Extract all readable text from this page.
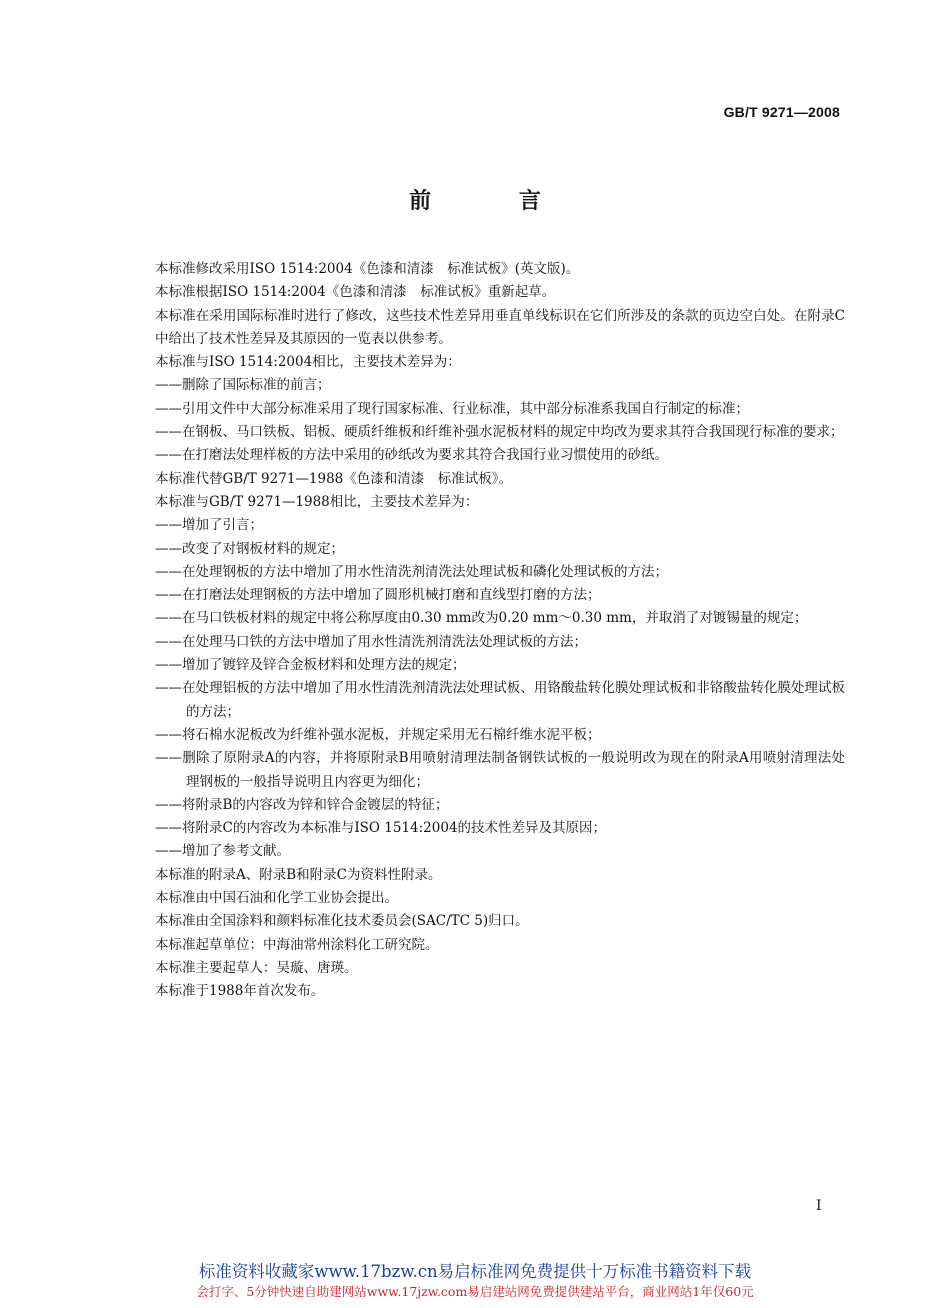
GB/T 9271—2008
前 言

本标准修改采用ISO 1514:2004《色漆和清漆　标准试板》(英文版)。

本标准根据ISO 1514:2004《色漆和清漆　标准试板》重新起草。

本标准在采用国际标准时进行了修改，这些技术性差异用垂直单线标识在它们所涉及的条款的页边空白处。在附录C中给出了技术性差异及其原因的一览表以供参考。

本标准与ISO 1514:2004相比，主要技术差异为：

——删除了国际标准的前言；

——引用文件中大部分标准采用了现行国家标准、行业标准，其中部分标准系我国自行制定的标准；

——在钢板、马口铁板、铝板、硬质纤维板和纤维补强水泥板材料的规定中均改为要求其符合我国现行标准的要求；

——在打磨法处理样板的方法中采用的砂纸改为要求其符合我国行业习惯使用的砂纸。

本标准代替GB/T 9271—1988《色漆和清漆　标准试板》。

本标准与GB/T 9271—1988相比，主要技术差异为：

——增加了引言；

——改变了对钢板材料的规定；

——在处理钢板的方法中增加了用水性清洗剂清洗法处理试板和磷化处理试板的方法；

——在打磨法处理钢板的方法中增加了圆形机械打磨和直线型打磨的方法；

——在马口铁板材料的规定中将公称厚度由0.30 mm改为0.20 mm～0.30 mm，并取消了对镀锡量的规定；

——在处理马口铁的方法中增加了用水性清洗剂清洗法处理试板的方法；

——增加了镀锌及锌合金板材料和处理方法的规定；

——在处理铝板的方法中增加了用水性清洗剂清洗法处理试板、用铬酸盐转化膜处理试板和非铬酸盐转化膜处理试板的方法；

——将石棉水泥板改为纤维补强水泥板，并规定采用无石棉纤维水泥平板；

——删除了原附录A的内容，并将原附录B用喷射清理法制备钢铁试板的一般说明改为现在的附录A用喷射清理法处理钢板的一般指导说明且内容更为细化；

——将附录B的内容改为锌和锌合金镀层的特征；

——将附录C的内容改为本标准与ISO 1514:2004的技术性差异及其原因；

——增加了参考文献。

本标准的附录A、附录B和附录C为资料性附录。

本标准由中国石油和化学工业协会提出。

本标准由全国涂料和颜料标准化技术委员会(SAC/TC 5)归口。

本标准起草单位：中海油常州涂料化工研究院。

本标准主要起草人：吴璇、唐瑛。

本标准于1988年首次发布。

I
标准资料收藏家www.17bzw.cn易启标准网免费提供十万标准书籍资料下载
会打字、5分钟快速自助建网站www.17jzw.com易启建站网免费提供建站平台，商业网站1年仅60元
